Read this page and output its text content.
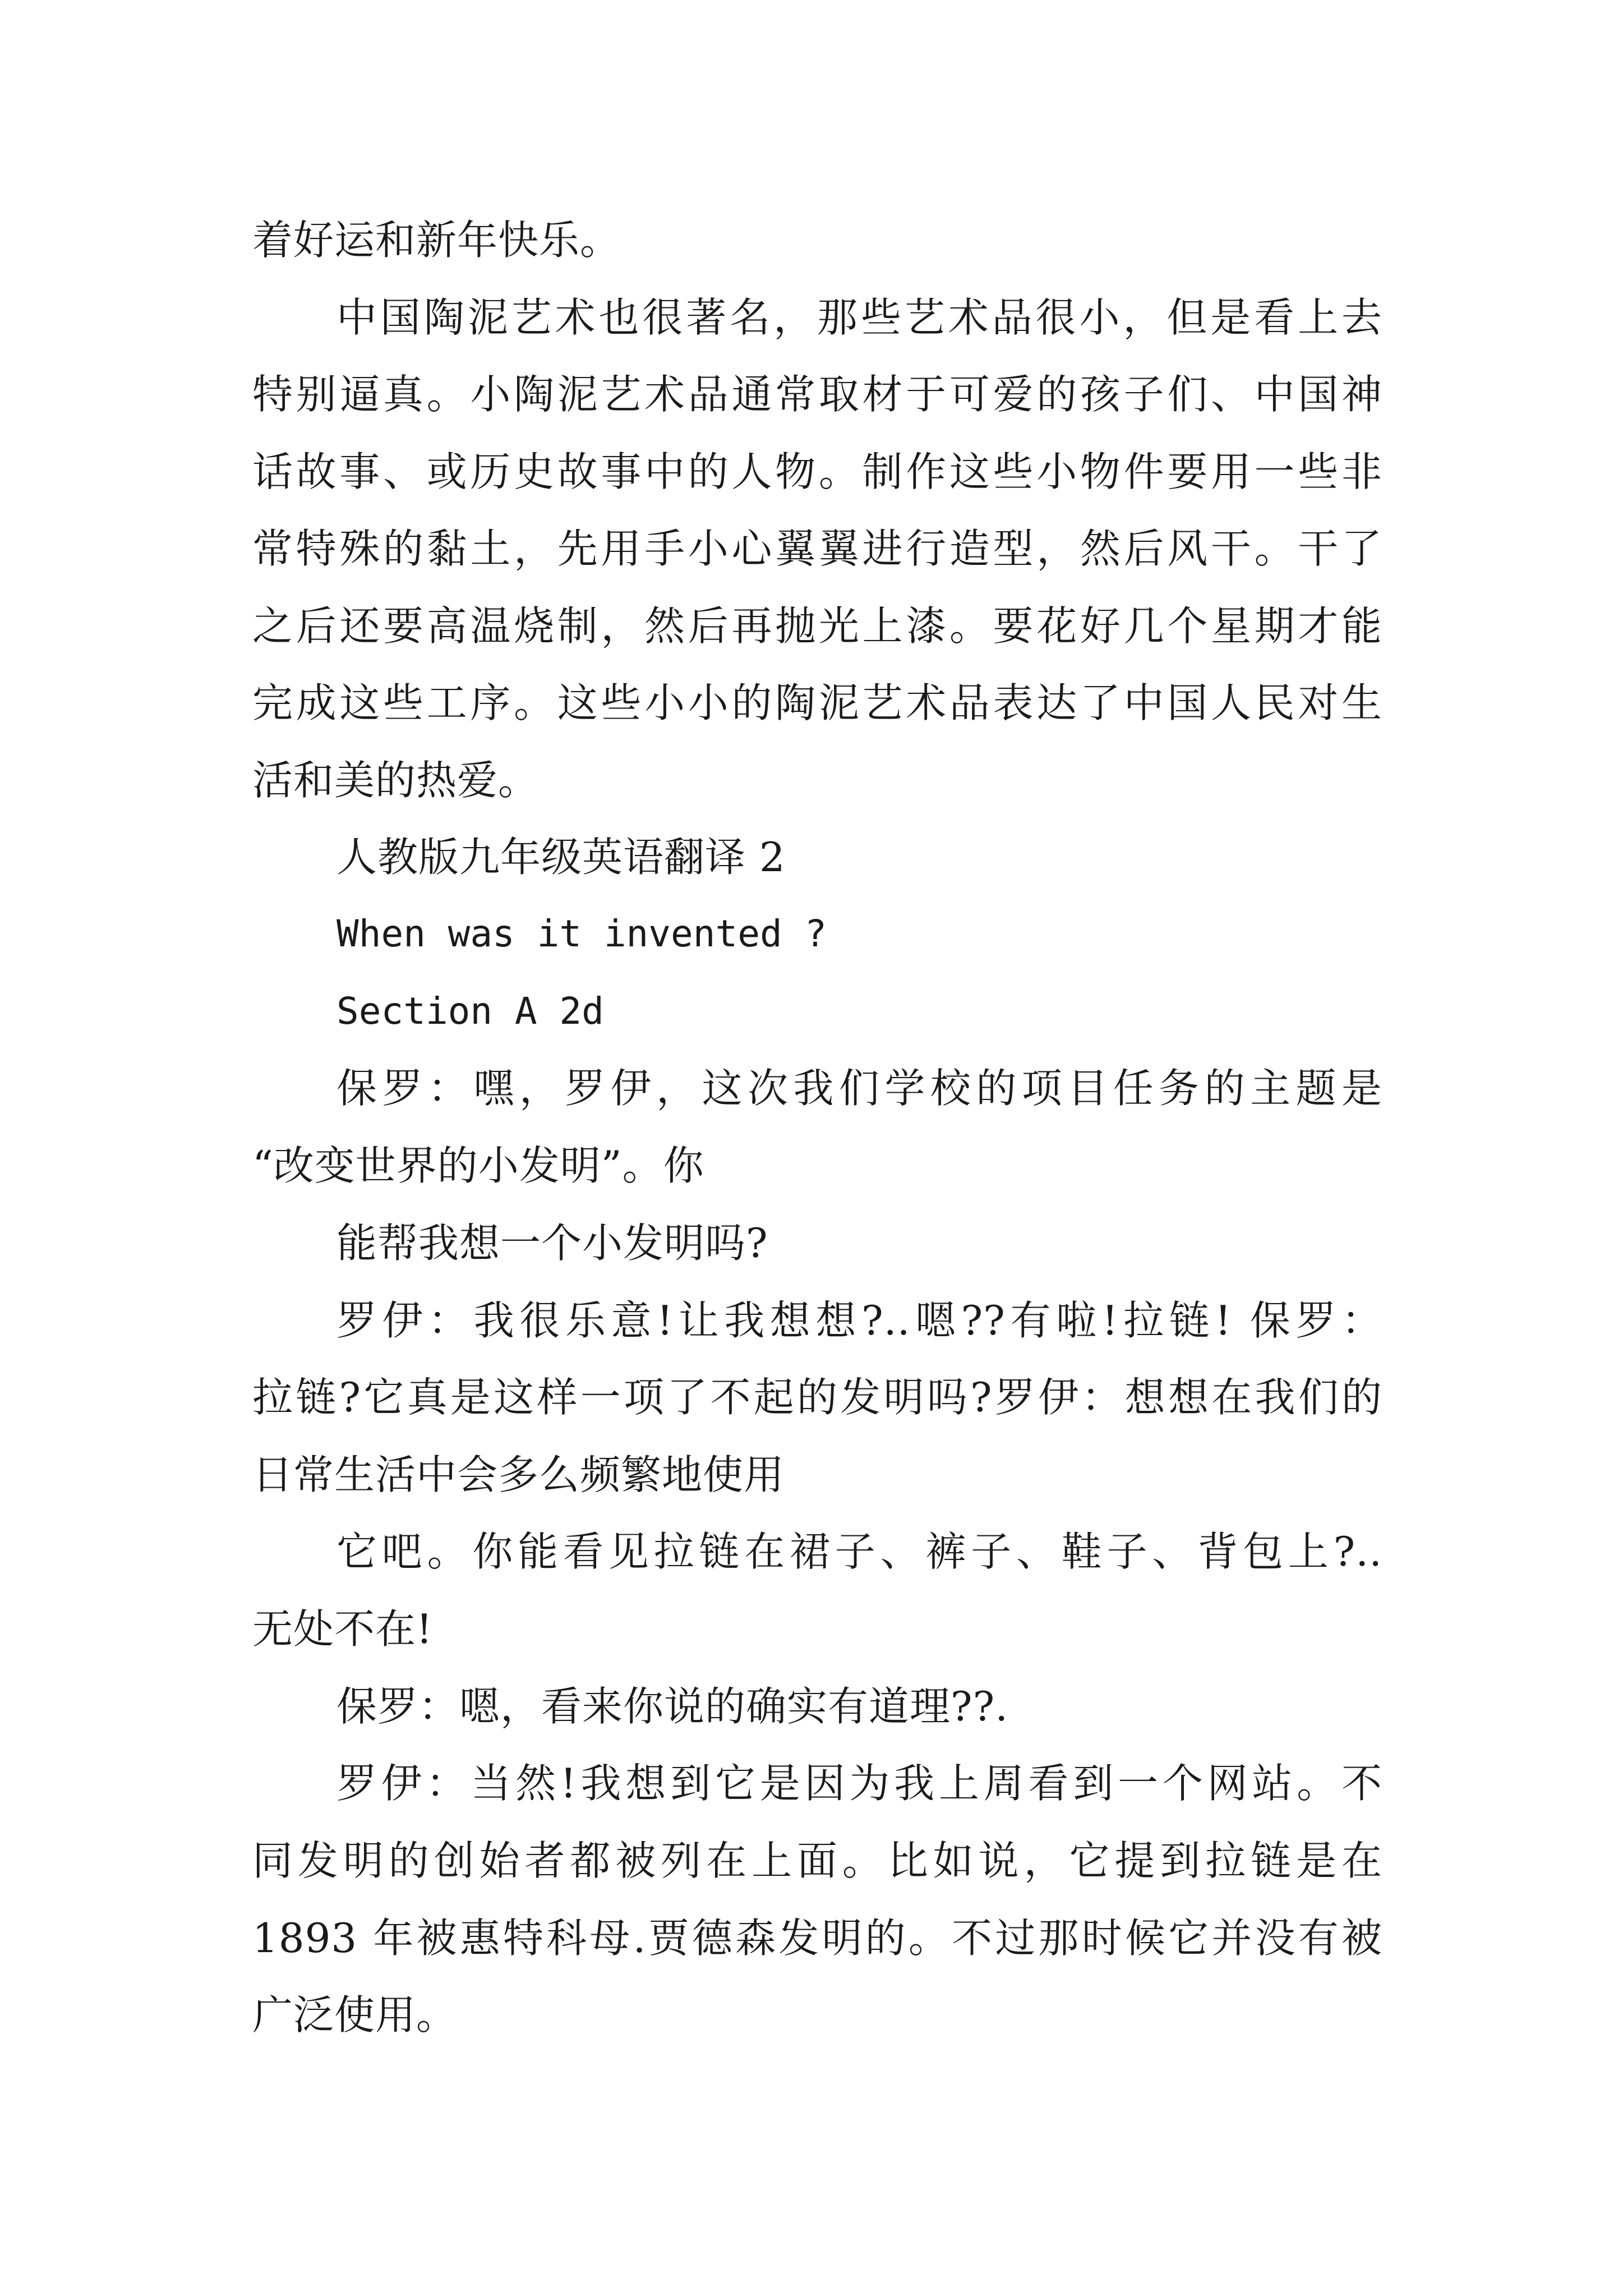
着好运和新年快乐。
中国陶泥艺术也很著名，那些艺术品很小，但是看上去
特别逼真。小陶泥艺术品通常取材于可爱的孩子们、中国神
话故事、或历史故事中的人物。制作这些小物件要用一些非
常特殊的黏土，先用手小心翼翼进行造型，然后风干。干了
之后还要高温烧制，然后再抛光上漆。要花好几个星期才能
完成这些工序。这些小小的陶泥艺术品表达了中国人民对生
活和美的热爱。
人教版九年级英语翻译 2
When was it invented ?
Section A 2d
保罗：嘿，罗伊，这次我们学校的项目任务的主题是
“改变世界的小发明”。你
能帮我想一个小发明吗?
罗伊：我很乐意!让我想想?..嗯??有啦!拉链! 保罗：
拉链?它真是这样一项了不起的发明吗?罗伊：想想在我们的
日常生活中会多么频繁地使用
它吧。你能看见拉链在裙子、裤子、鞋子、背包上?..
无处不在!
保罗：嗯，看来你说的确实有道理??.
罗伊：当然!我想到它是因为我上周看到一个网站。不
同发明的创始者都被列在上面。比如说，它提到拉链是在
1893 年被惠特科母.贾德森发明的。不过那时候它并没有被
广泛使用。
